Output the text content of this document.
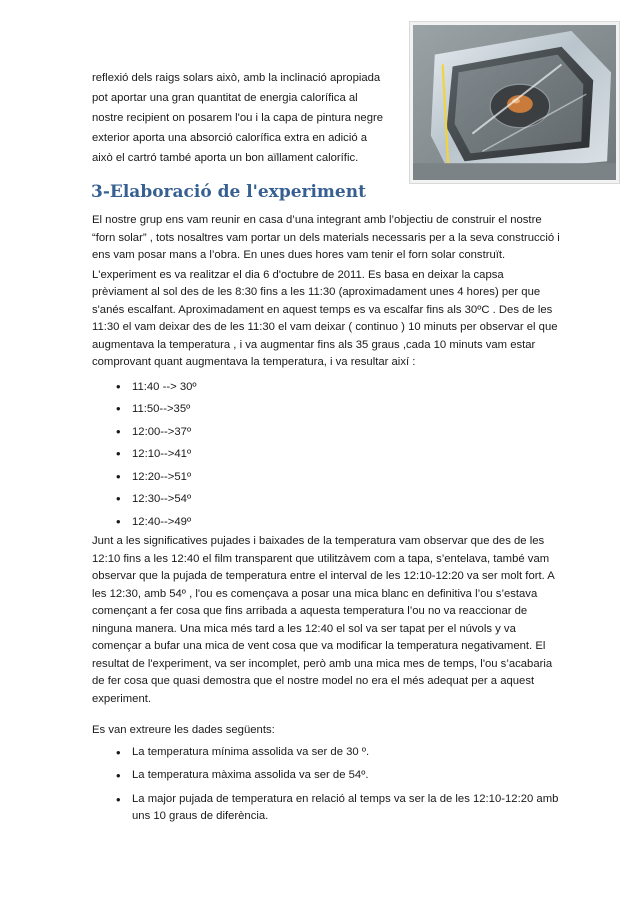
reflexió dels raigs solars això, amb la inclinació apropiada

pot aportar una gran quantitat de energia calorífica al

nostre recipient on posarem l'ou i la capa de pintura negre

exterior aporta una absorció calorífica extra en adició a

això el cartró també aporta un bon aïllament calorífic.

3-Elaboració de l'experiment

El nostre grup ens vam reunir en casa d’una integrant amb l’objectiu de construir el nostre “forn solar” , tots nosaltres vam portar un dels materials necessaris per a la seva construcció i ens vam posar mans a l’obra. En unes dues hores vam tenir el forn solar construït.

L'experiment es va realitzar el dia 6 d'octubre de 2011. Es basa en deixar la capsa prèviament al sol des de les 8:30 fins a les 11:30 (aproximadament unes 4 hores) per que s'anés escalfant. Aproximadament en aquest temps es va escalfar fins als 30ºC . Des de les 11:30 el vam deixar des de les 11:30 el vam deixar ( continuo ) 10 minuts per observar el que augmentava la temperatura , i va augmentar fins als 35 graus ,cada 10 minuts vam estar comprovant quant augmentava la temperatura, i va resultar així :

• 11:40 --> 30º
• 11:50-->35º
• 12:00-->37º
• 12:10-->41º
• 12:20-->51º
• 12:30-->54º
• 12:40-->49º

Junt a les significatives pujades i baixades de la temperatura vam observar que des de les 12:10 fins a les 12:40 el film transparent que utilitzàvem com a tapa, s’entelava, també vam observar que la pujada de temperatura entre el interval de les 12:10-12:20 va ser molt fort. A les 12:30, amb 54º , l'ou es començava a posar una mica blanc en definitiva l’ou s’estava començant a fer cosa que fins arribada a aquesta temperatura l’ou no va reaccionar de ninguna manera. Una mica més tard a les 12:40 el sol va ser tapat per el núvols y va començar a bufar una mica de vent cosa que va modificar la temperatura negativament. El resultat de l'experiment, va ser incomplet, però amb una mica mes de temps, l'ou s’acabaria de fer cosa que quasi demostra que el nostre model no era el més adequat per a aquest experiment.

Es van extreure les dades següents:

• La temperatura mínima assolida va ser de 30 º.
• La temperatura màxima assolida va ser de 54º.
• La major pujada de temperatura en relació al temps va ser la de les 12:10-12:20 amb uns 10 graus de diferència.
